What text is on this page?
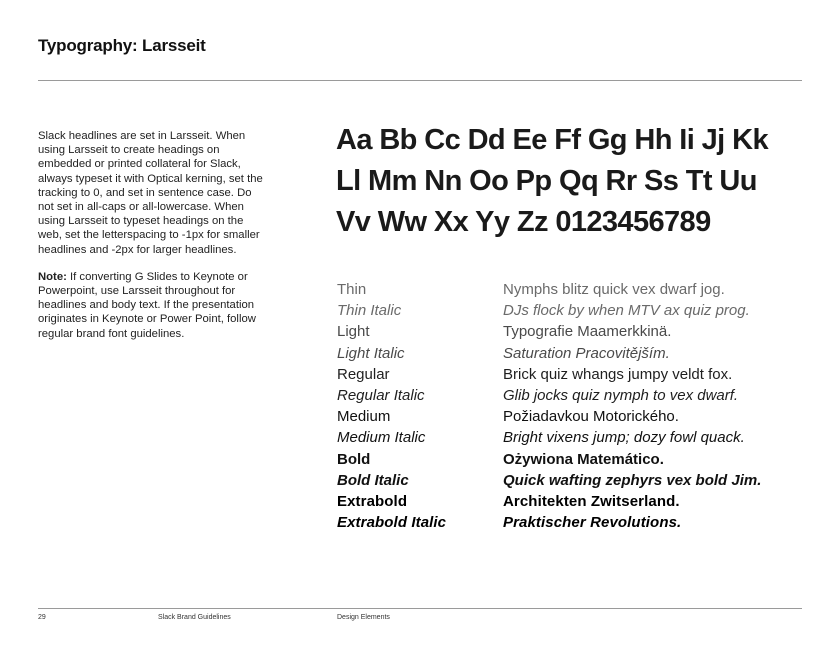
Typography: Larsseit

Slack headlines are set in Larsseit. When using Larsseit to create headings on embedded or printed collateral for Slack, always typeset it with Optical kerning, set the tracking to 0, and set in sentence case. Do not set in all-caps or all-lowercase. When using Larsseit to typeset headings on the web, set the letterspacing to -1px for smaller headlines and -2px for larger headlines.

Note: If converting G Slides to Keynote or Powerpoint, use Larsseit throughout for headlines and body text. If the presentation originates in Keynote or Power Point, follow regular brand font guidelines.

Aa Bb Cc Dd Ee Ff Gg Hh Ii Jj Kk
Ll Mm Nn Oo Pp Qq Rr Ss Tt Uu
Vv Ww Xx Yy Zz 0123456789
Thin	Nymphs blitz quick vex dwarf jog.
Thin Italic	DJs flock by when MTV ax quiz prog.
Light	Typografie Maamerkkinä.
Light Italic	Saturation Pracovitějším.
Regular	Brick quiz whangs jumpy veldt fox.
Regular Italic	Glib jocks quiz nymph to vex dwarf.
Medium	Požiadavkou Motorického.
Medium Italic	Bright vixens jump; dozy fowl quack.
Bold	Ożywiona Matemático.
Bold Italic	Quick wafting zephyrs vex bold Jim.
Extrabold	Architekten Zwitserland.
Extrabold Italic	Praktischer Revolutions.
29	Slack Brand Guidelines	Design Elements
